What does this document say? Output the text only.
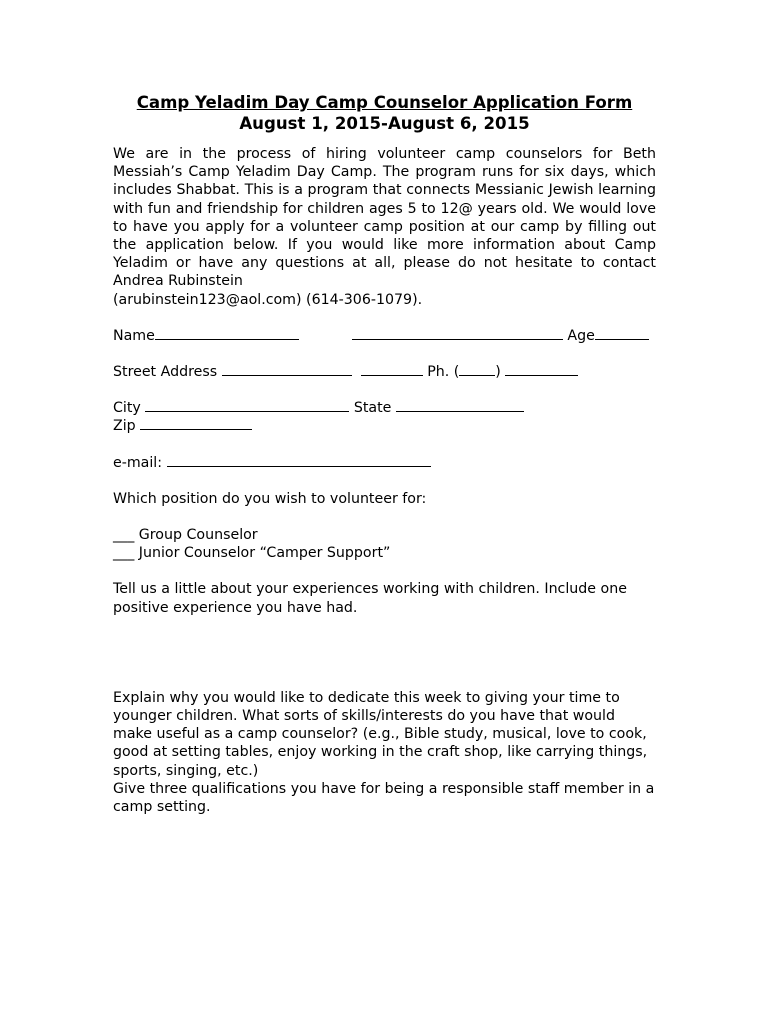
Camp Yeladim Day Camp Counselor Application Form
August 1, 2015-August 6, 2015
We are in the process of hiring volunteer camp counselors for Beth Messiah’s Camp Yeladim Day Camp. The program runs for six days, which includes Shabbat. This is a program that connects Messianic Jewish learning with fun and friendship for children ages 5 to 12@ years old. We would love to have you apply for a volunteer camp position at our camp by filling out the application below. If you would like more information about Camp Yeladim or have any questions at all, please do not hesitate to contact Andrea Rubinstein
(arubinstein123@aol.com) (614-306-1079).
Name	Age
Street Address	Ph. (	)
City	State
Zip
e-mail:
Which position do you wish to volunteer for:
___ Group Counselor
___ Junior Counselor “Camper Support”
Tell us a little about your experiences working with children. Include one positive experience you have had.
Explain why you would like to dedicate this week to giving your time to younger children. What sorts of skills/interests do you have that would make useful as a camp counselor? (e.g., Bible study, musical, love to cook, good at setting tables, enjoy working in the craft shop, like carrying things, sports, singing, etc.)
Give three qualifications you have for being a responsible staff member in a camp setting.
